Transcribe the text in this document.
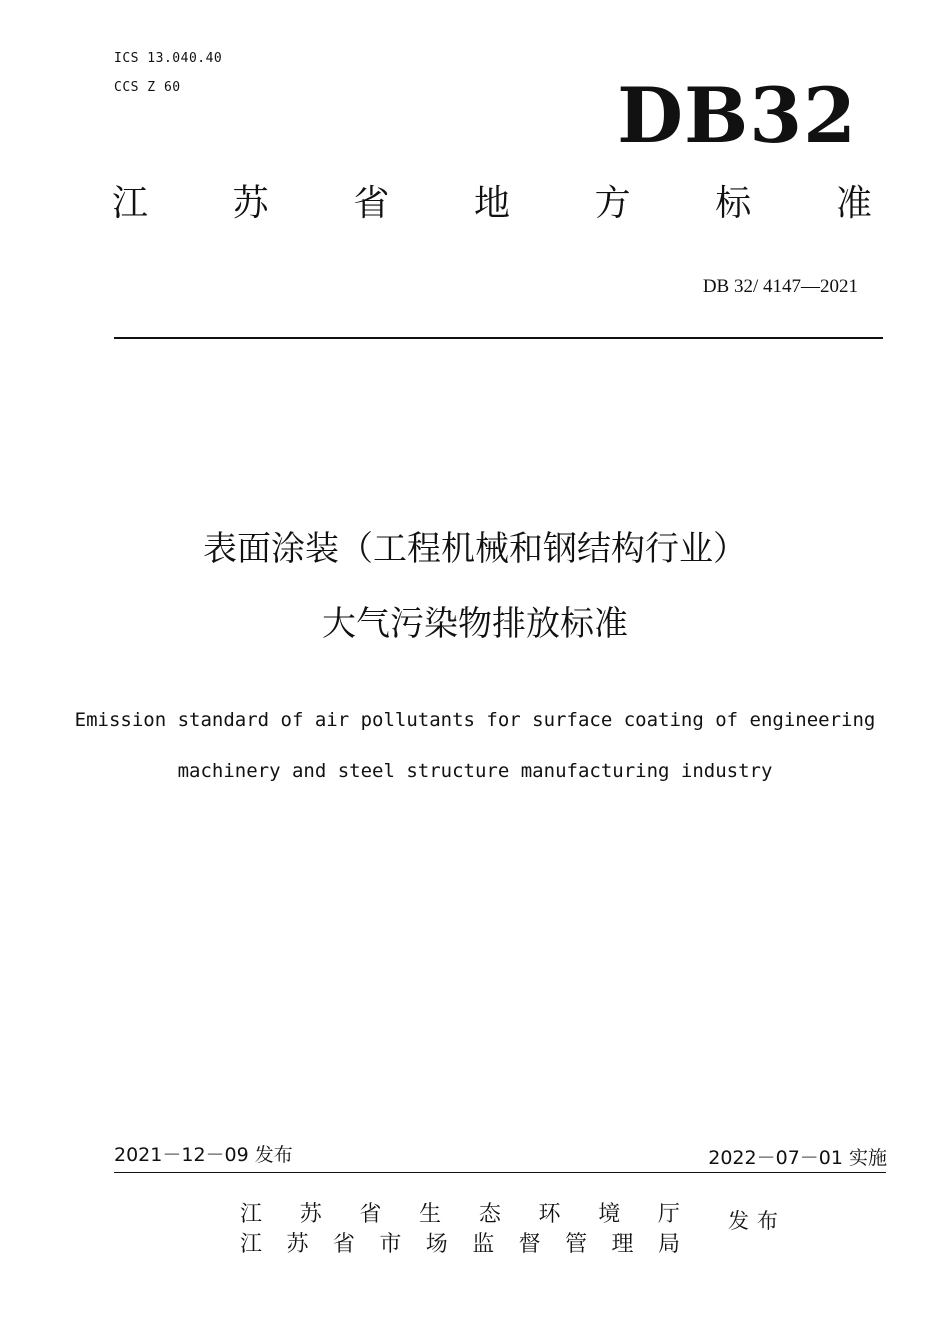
ICS 13.040.40
CCS Z 60	DB32
江 苏 省 地 方 标 准
DB 32/ 4147—2021
表面涂装（工程机械和钢结构行业）
大气污染物排放标准
Emission standard of air pollutants for surface coating of engineering
machinery and steel structure manufacturing industry
2021－12－09 发布	2022－07－01 实施
江 苏 省 生 态 环 境 厅 发布
江 苏 省 市 场 监 督 管 理 局
